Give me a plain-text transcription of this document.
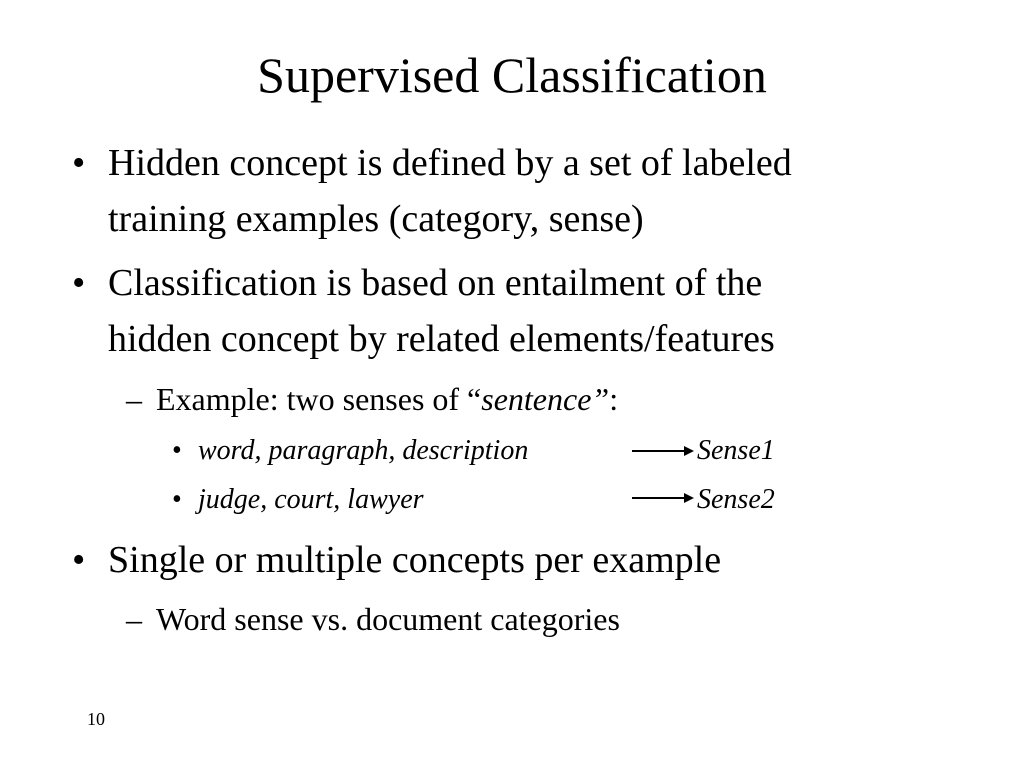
Supervised Classification
• Hidden concept is defined by a set of labeled
training examples (category, sense)
• Classification is based on entailment of the
hidden concept by related elements/features
– Example: two senses of “sentence”:
• word, paragraph, description	Sense1
• judge, court, lawyer	Sense2
• Single or multiple concepts per example
– Word sense vs. document categories
10
